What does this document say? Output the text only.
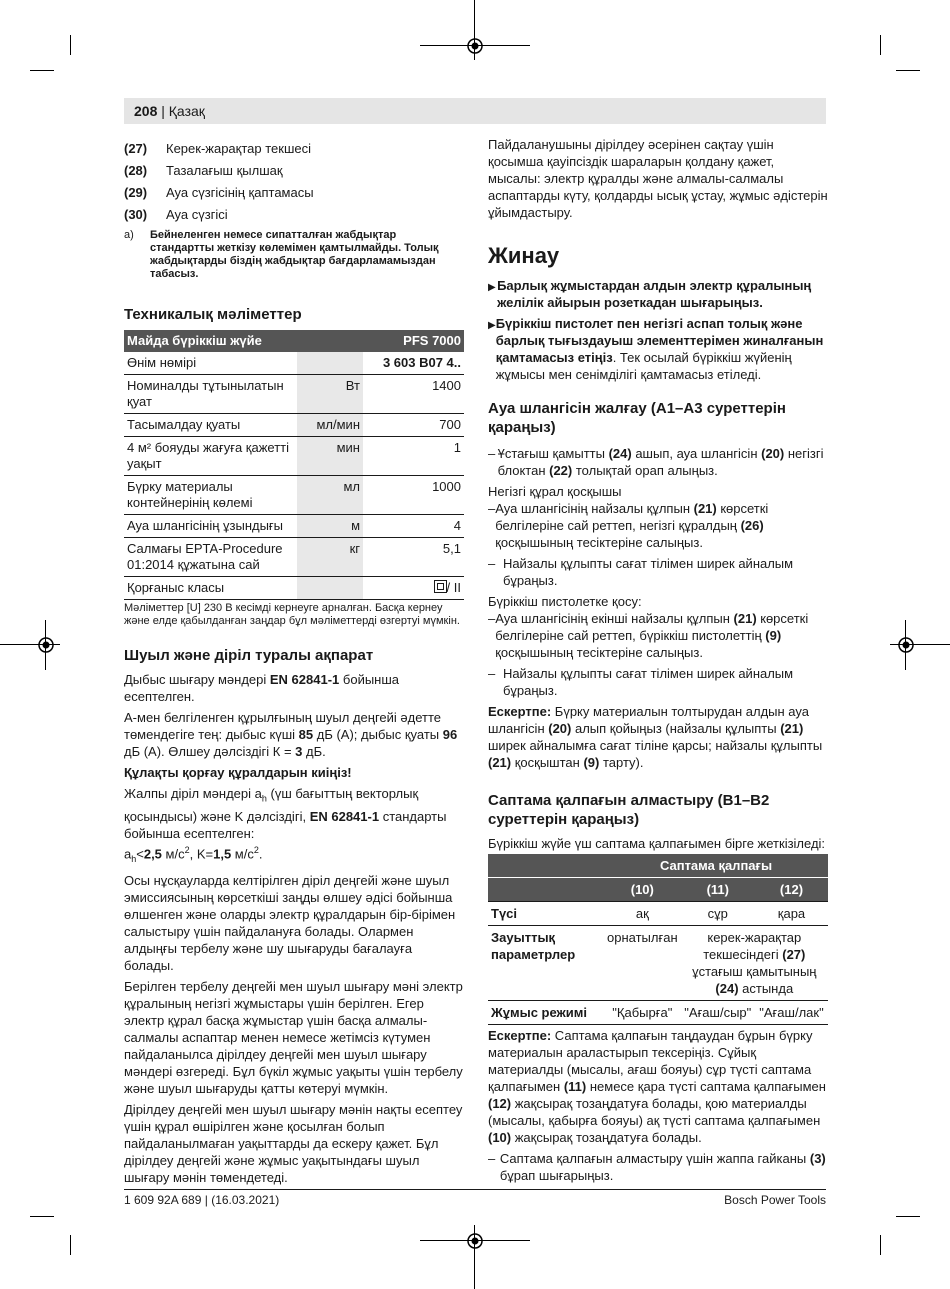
208 | Қазақ
(27)	Керек-жарақтар текшесі
(28)	Тазалағыш қылшақ
(29)	Ауа сүзгісінің қаптамасы
(30)	Ауа сүзгісі
a)	Бейнеленген немесе сипатталған жабдықтар стандартты жеткізу көлемімен қамтылмайды. Толық жабдықтарды біздің жабдықтар бағдарламамыздан табасыз.
Техникалық мәліметтер
Майда бүріккіш жүйе		PFS 7000
Өнім нөмірі		3 603 B07 4..
Номиналды тұтынылатын қуат	Вт	1400
Тасымалдау қуаты	мл/мин	700
4 м² бояуды жағуға қажетті уақыт	мин	1
Бүрку материалы контейнерінің көлемі	мл	1000
Ауа шлангісінің ұзындығы	м	4
Салмағы EPTA-Procedure 01:2014 құжатына сай	кг	5,1
Қорғаныс класы		/ II
Мәліметтер [U] 230 В кесімді кернеуге арналған. Басқа кернеу және елде қабылданған заңдар бұл мәліметтерді өзгертуі мүмкін.
Шуыл және діріл туралы ақпарат

Дыбыс шығару мәндері EN 62841-1 бойынша есептелген.

А-мен белгіленген құрылғының шуыл деңгейі әдетте төмендегіге тең: дыбыс күші 85 дБ (А); дыбыс қуаты 96 дБ (А). Өлшеу дәлсіздігі К = 3 дБ.

Құлақты қорғау құралдарын киіңіз!

Жалпы діріл мәндері $a_h$ (үш бағыттың векторлық қосындысы) және K дәлсіздігі, EN 62841-1 стандарты бойынша есептелген:

$a_h<2,5$ $м/с^2$, K=1,5 $м/с^2$.

Осы нұсқауларда келтірілген діріл деңгейі және шуыл эмиссиясының көрсеткіші заңды өлшеу әдісі бойынша өлшенген және оларды электр құралдарын бір-бірімен салыстыру үшін пайдалануға болады. Олармен алдыңғы тербелу және шу шығаруды бағалауға болады.

Берілген тербелу деңгейі мен шуыл шығару мәні электр құралының негізгі жұмыстары үшін берілген. Егер электр құрал басқа жұмыстар үшін басқа алмалы-салмалы аспаптар менен немесе жетімсіз күтумен пайдаланылса дірілдеу деңгейі мен шуыл шығару мәндері өзгереді. Бұл бүкіл жұмыс уақыты үшін тербелу және шуыл шығаруды қатты көтеруі мүмкін.

Дірілдеу деңгейі мен шуыл шығару мәнін нақты есептеу үшін құрал өшірілген және қосылған болып пайдаланылмаған уақыттарды да ескеру қажет. Бұл дірілдеу деңгейі және жұмыс уақытындағы шуыл шығару мәнін төмендетеді.

Пайдаланушыны дірілдеу әсерінен сақтау үшін қосымша қауіпсіздік шараларын қолдану қажет, мысалы: электр құралды және алмалы-салмалы аспаптарды күту, қолдарды ысық ұстау, жұмыс әдістерін ұйымдастыру.

Жинау
▶ Барлық жұмыстардан алдын электр құралының желілік айырын розеткадан шығарыңыз.
▶ Бүріккіш пистолет пен негізгі аспап толық және барлық тығыздауыш элементтерімен жиналғанын қамтамасыз етіңіз. Тек осылай бүріккіш жүйенің жұмысы мен сенімділігі қамтамасыз етіледі.
Ауа шлангісін жалғау (A1–A3 суреттерін қараңыз)
– Ұстағыш қамытты (24) ашып, ауа шлангісін (20) негізгі блоктан (22) толықтай орап алыңыз.

Негізгі құрал қосқышы

– Ауа шлангісінің найзалы құлпын (21) көрсеткі белгілеріне сай реттеп, негізгі құралдың (26) қосқышының тесіктеріне салыңыз.
– Найзалы құлыпты сағат тілімен ширек айналым бұраңыз.

Бүріккіш пистолетке қосу:

– Ауа шлангісінің екінші найзалы құлпын (21) көрсеткі белгілеріне сай реттеп, бүріккіш пистолеттің (9) қосқышының тесіктеріне салыңыз.
– Найзалы құлыпты сағат тілімен ширек айналым бұраңыз.

Ескертпе: Бүрку материалын толтырудан алдын ауа шлангісін (20) алып қойыңыз (найзалы құлыпты (21) ширек айналымға сағат тіліне қарсы; найзалы құлыпты (21) қосқыштан (9) тарту).

Саптама қалпағын алмастыру (B1–B2 суреттерін қараңыз)

Бүріккіш жүйе үш саптама қалпағымен бірге жеткізіледі:

	Саптама қалпағы		
	(10)	(11)	(12)
Түсі	ақ	сұр	қара
Зауыттық параметрлер	орнатылған	керек-жарақтар текшесіндегі (27) ұстағыш қамытының (24) астында	
Жұмыс режимі	"Қабырға"	"Ағаш/сыр"	"Ағаш/лак"

Ескертпе: Саптама қалпағын таңдаудан бұрын бүрку материалын араластырып тексеріңіз. Сұйық материалды (мысалы, ағаш бояуы) сұр түсті саптама қалпағымен (11) немесе қара түсті саптама қалпағымен (12) жақсырақ тозаңдатуға болады, қою материалды (мысалы, қабырға бояуы) ақ түсті саптама қалпағымен (10) жақсырақ тозаңдатуға болады.

– Саптама қалпағын алмастыру үшін жаппа гайканы (3) бұрап шығарыңыз.
1 609 92A 689 | (16.03.2021)	Bosch Power Tools
